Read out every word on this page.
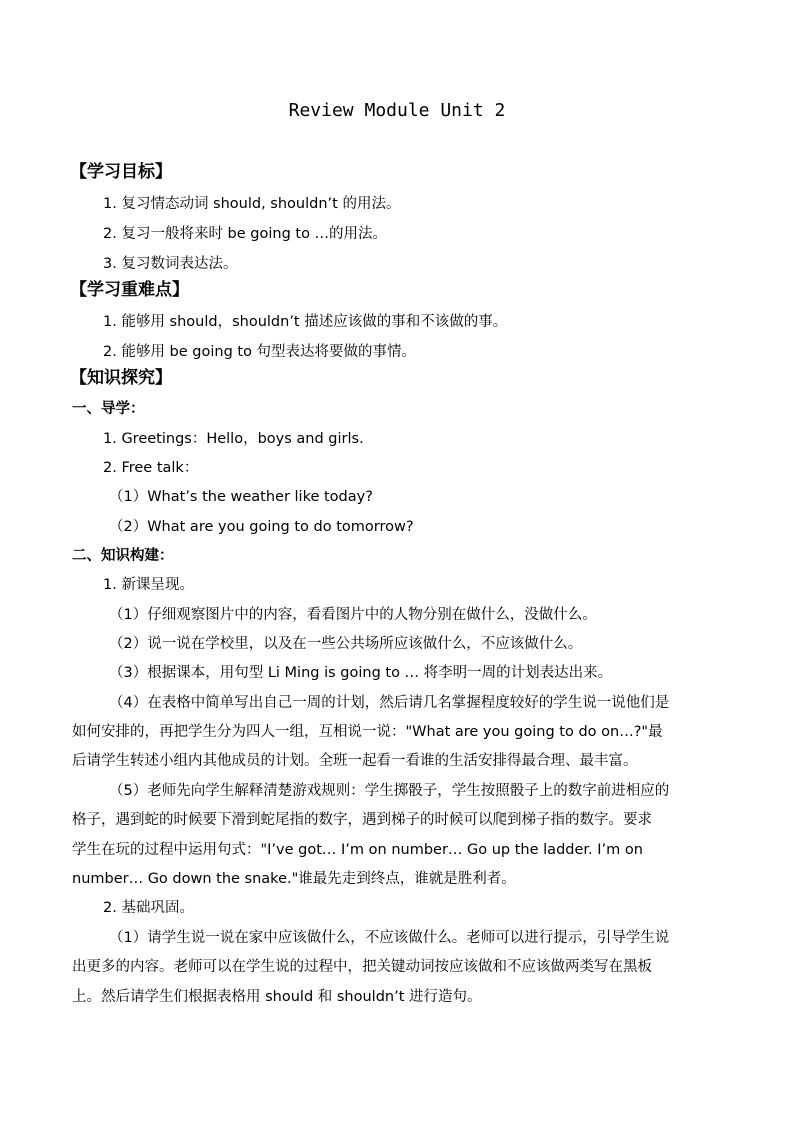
Review Module Unit 2
【学习目标】
1. 复习情态动词 should, shouldn’t 的用法。
2. 复习一般将来时 be going to …的用法。
3. 复习数词表达法。
【学习重难点】
1. 能够用 should，shouldn’t 描述应该做的事和不该做的事。
2. 能够用 be going to 句型表达将要做的事情。
【知识探究】
一、导学：
1. Greetings：Hello，boys and girls.
2. Free talk：
（1）What’s the weather like today?
（2）What are you going to do tomorrow?
二、知识构建：
1. 新课呈现。
（1）仔细观察图片中的内容，看看图片中的人物分别在做什么，没做什么。
（2）说一说在学校里，以及在一些公共场所应该做什么，不应该做什么。
（3）根据课本，用句型 Li Ming is going to … 将李明一周的计划表达出来。
（4）在表格中简单写出自己一周的计划，然后请几名掌握程度较好的学生说一说他们是
如何安排的，再把学生分为四人一组，互相说一说："What are you going to do on…?"最
后请学生转述小组内其他成员的计划。全班一起看一看谁的生活安排得最合理、最丰富。
（5）老师先向学生解释清楚游戏规则：学生掷骰子，学生按照骰子上的数字前进相应的
格子，遇到蛇的时候要下滑到蛇尾指的数字，遇到梯子的时候可以爬到梯子指的数字。要求
学生在玩的过程中运用句式："I’ve got… I’m on number… Go up the ladder. I’m on
number… Go down the snake."谁最先走到终点，谁就是胜利者。
2. 基础巩固。
（1）请学生说一说在家中应该做什么，不应该做什么。老师可以进行提示，引导学生说
出更多的内容。老师可以在学生说的过程中，把关键动词按应该做和不应该做两类写在黑板
上。然后请学生们根据表格用 should 和 shouldn’t 进行造句。
